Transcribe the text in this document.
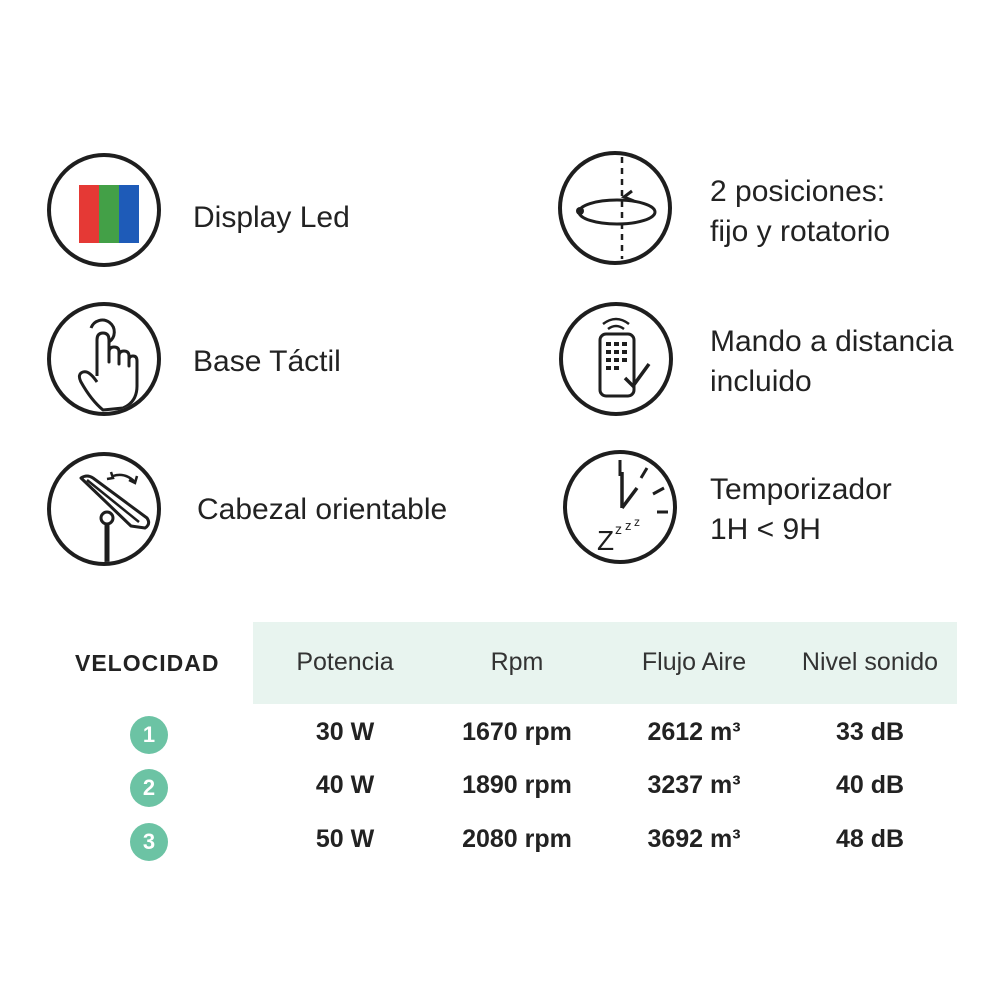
Display Led
2 posiciones:
fijo y rotatorio
Base Táctil
Mando a distancia
incluido
Cabezal orientable
Z z z z
Temporizador
1H < 9H
VELOCIDAD	Potencia	Rpm	Flujo Aire	Nivel sonido
1	30 W	1670 rpm	2612 m³	33 dB
2	40 W	1890 rpm	3237 m³	40 dB
3	50 W	2080 rpm	3692 m³	48 dB
